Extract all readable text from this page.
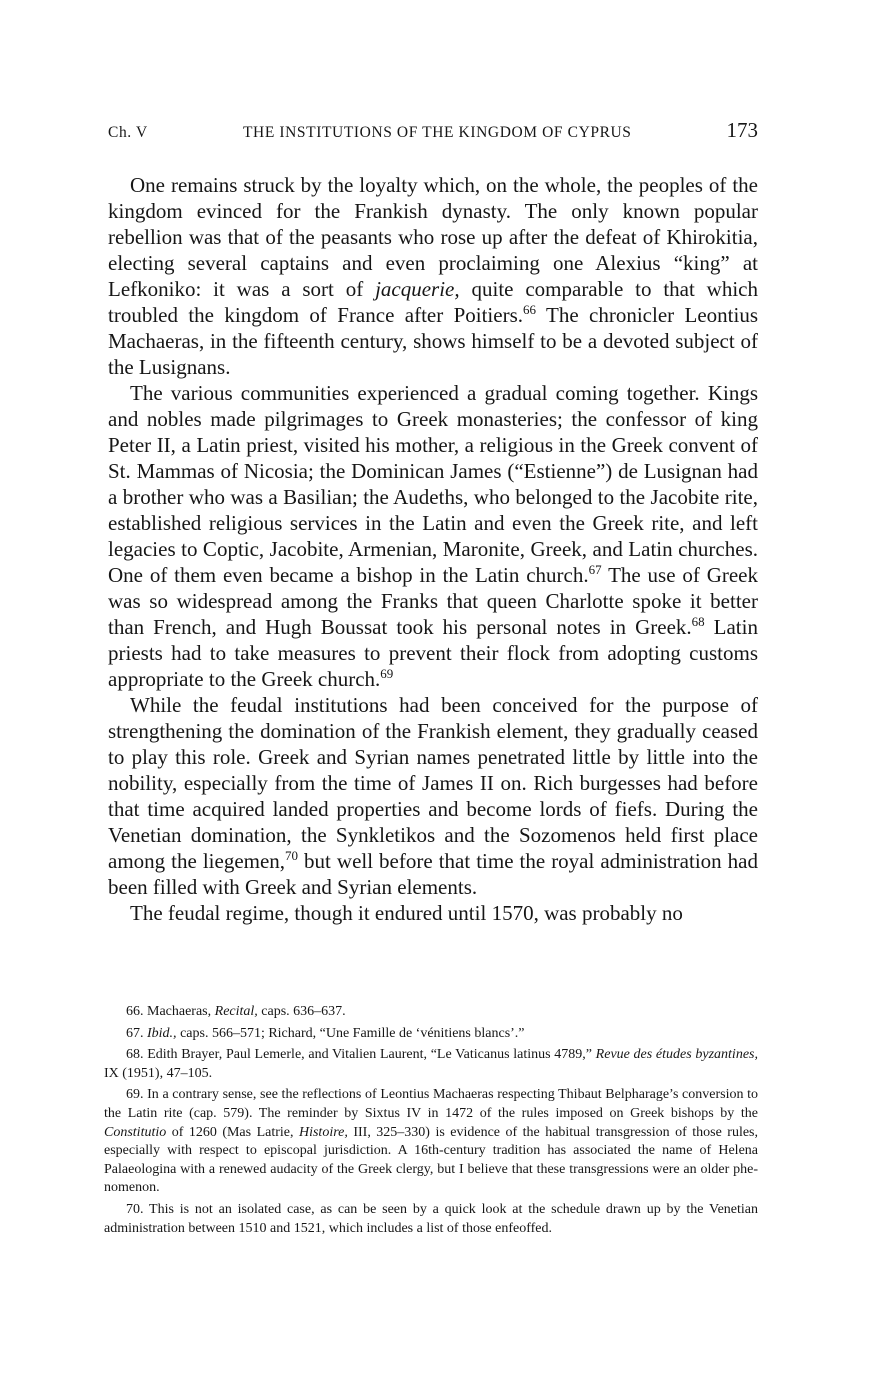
Ch. V	THE INSTITUTIONS OF THE KINGDOM OF CYPRUS	173

One remains struck by the loyalty which, on the whole, the peoples of the kingdom evinced for the Frankish dynasty. The only known popular rebellion was that of the peasants who rose up after the defeat of Khirokitia, electing several captains and even proclaiming one Alexius “king” at Lefkoniko: it was a sort of jacquerie, quite comparable to that which troubled the kingdom of France after Poitiers.$^{66}$ The chronicler Leontius Machaeras, in the fifteenth century, shows himself to be a devoted subject of the Lusignans.

The various communities experienced a gradual coming together. Kings and nobles made pilgrimages to Greek monasteries; the confessor of king Peter II, a Latin priest, visited his mother, a religious in the Greek convent of St. Mammas of Nicosia; the Dominican James (“Estienne”) de Lusignan had a brother who was a Basilian; the Audeths, who belonged to the Jacobite rite, established religious services in the Latin and even the Greek rite, and left legacies to Coptic, Jacobite, Armenian, Maronite, Greek, and Latin churches. One of them even became a bishop in the Latin church.$^{67}$ The use of Greek was so widespread among the Franks that queen Charlotte spoke it better than French, and Hugh Boussat took his personal notes in Greek.$^{68}$ Latin priests had to take measures to prevent their flock from adopting customs appropriate to the Greek church.$^{69}$

While the feudal institutions had been conceived for the purpose of strengthening the domination of the Frankish element, they gradually ceased to play this role. Greek and Syrian names penetrated little by little into the nobility, especially from the time of James II on. Rich burgesses had before that time acquired landed properties and become lords of fiefs. During the Venetian domination, the Synkletikos and the Sozomenos held first place among the liegemen,$^{70}$ but well before that time the royal administration had been filled with Greek and Syrian elements.

The feudal regime, though it endured until 1570, was probably no

66. Machaeras, Recital, caps. 636–637.

67. Ibid., caps. 566–571; Richard, “Une Famille de ‘vénitiens blancs’.”

68. Edith Brayer, Paul Lemerle, and Vitalien Laurent, “Le Vaticanus latinus 4789,” Revue des études byzantines, IX (1951), 47–105.

69. In a contrary sense, see the reflections of Leontius Machaeras respecting Thibaut Belpharage’s conversion to the Latin rite (cap. 579). The reminder by Sixtus IV in 1472 of the rules imposed on Greek bishops by the Constitutio of 1260 (Mas Latrie, Histoire, III, 325–330) is evidence of the habitual transgression of those rules, especially with respect to episcopal jurisdiction. A 16th-century tradition has associated the name of Helena Palaeologina with a renewed audacity of the Greek clergy, but I believe that these transgressions were an older phenomenon.

70. This is not an isolated case, as can be seen by a quick look at the schedule drawn up by the Venetian administration between 1510 and 1521, which includes a list of those enfeoffed.
